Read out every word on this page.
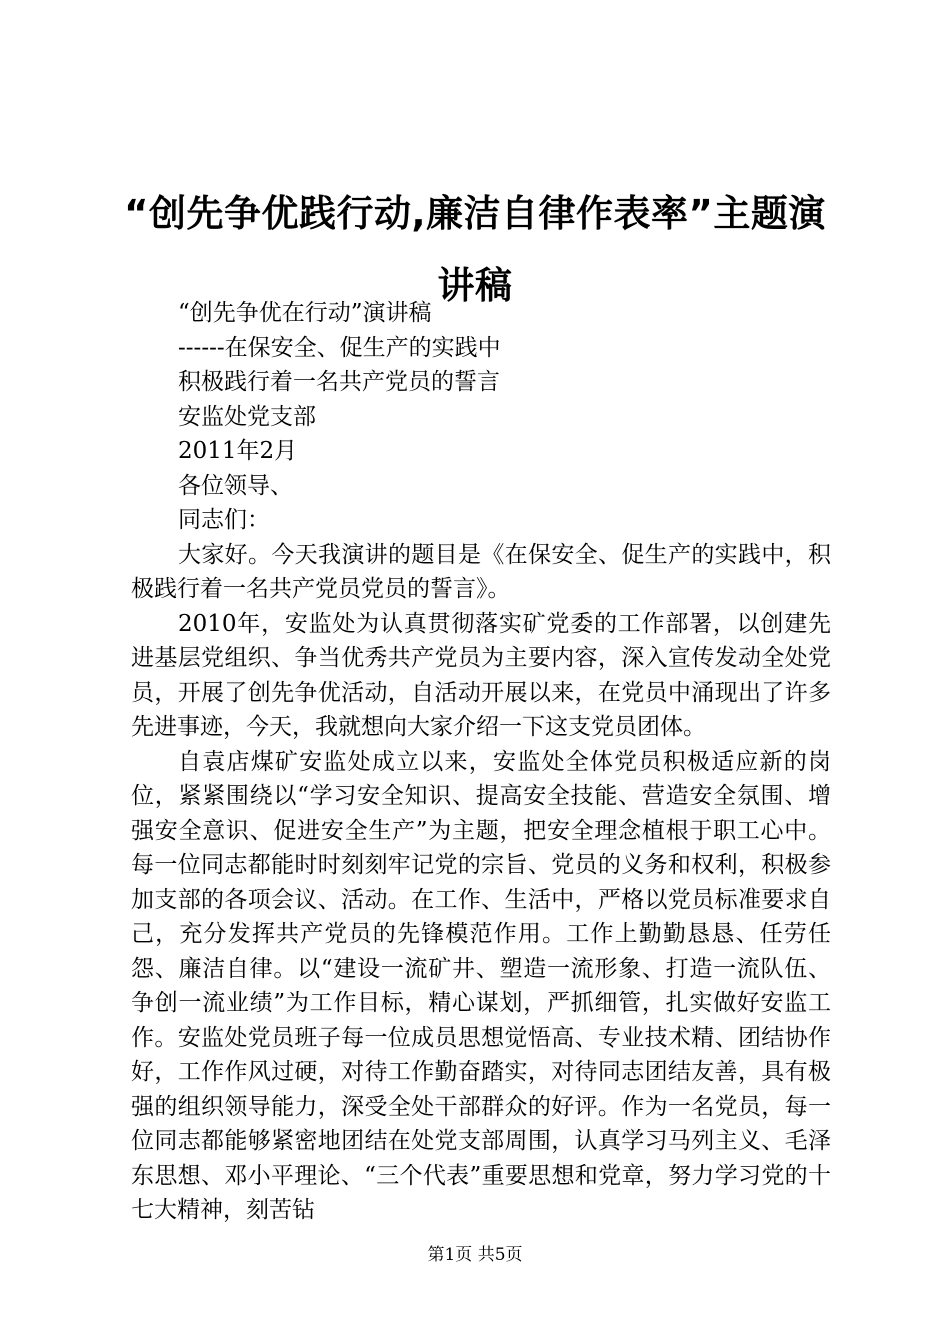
“创先争优践行动,廉洁自律作表率”主题演讲稿
“创先争优在行动”演讲稿
------在保安全、促生产的实践中
积极践行着一名共产党员的誓言
安监处党支部
2011年2月
各位领导、
同志们：

大家好。今天我演讲的题目是《在保安全、促生产的实践中，积极践行着一名共产党员党员的誓言》。

2010年，安监处为认真贯彻落实矿党委的工作部署，以创建先进基层党组织、争当优秀共产党员为主要内容，深入宣传发动全处党员，开展了创先争优活动，自活动开展以来，在党员中涌现出了许多先进事迹，今天，我就想向大家介绍一下这支党员团体。

自袁店煤矿安监处成立以来，安监处全体党员积极适应新的岗位，紧紧围绕以“学习安全知识、提高安全技能、营造安全氛围、增强安全意识、促进安全生产”为主题，把安全理念植根于职工心中。每一位同志都能时时刻刻牢记党的宗旨、党员的义务和权利，积极参加支部的各项会议、活动。在工作、生活中，严格以党员标准要求自己，充分发挥共产党员的先锋模范作用。工作上勤勤恳恳、任劳任怨、廉洁自律。以“建设一流矿井、塑造一流形象、打造一流队伍、争创一流业绩”为工作目标，精心谋划，严抓细管，扎实做好安监工作。安监处党员班子每一位成员思想觉悟高、专业技术精、团结协作好，工作作风过硬，对待工作勤奋踏实，对待同志团结友善，具有极强的组织领导能力，深受全处干部群众的好评。作为一名党员，每一位同志都能够紧密地团结在处党支部周围，认真学习马列主义、毛泽东思想、邓小平理论、“三个代表”重要思想和党章，努力学习党的十七大精神，刻苦钻

第1页 共5页
